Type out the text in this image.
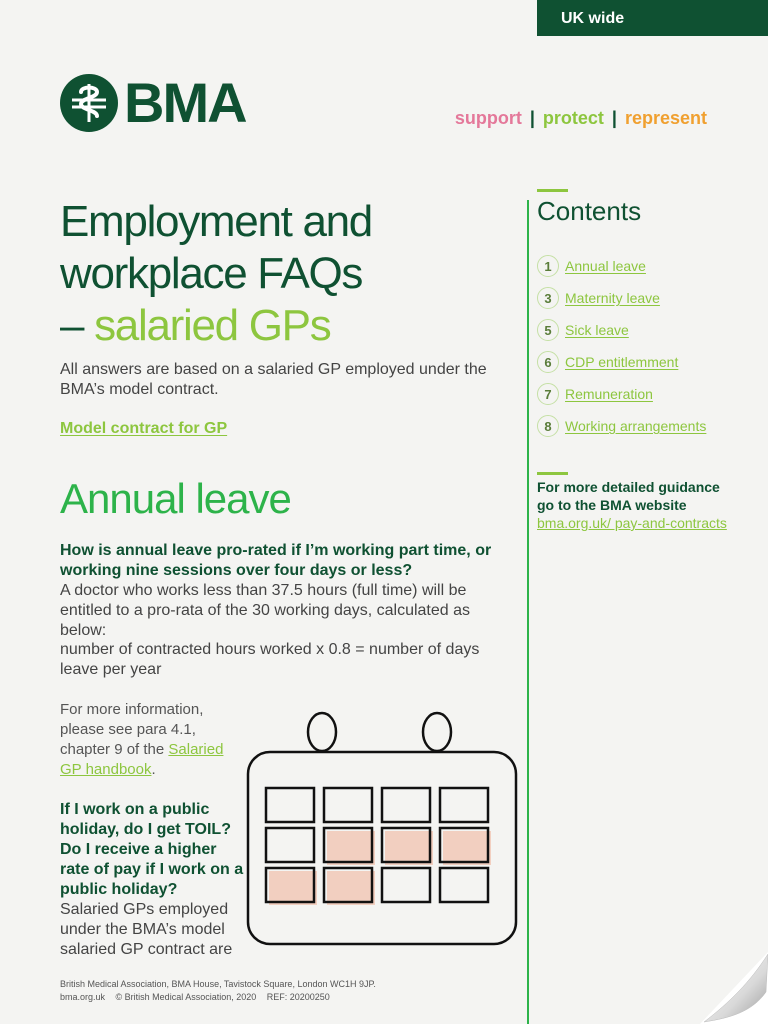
UK wide
BMA	support | protect | represent
Employment and
workplace FAQs
– salaried GPs
All answers are based on a salaried GP employed under the BMA’s model contract.
Model contract for GP
Annual leave
How is annual leave pro-rated if I’m working part time, or working nine sessions over four days or less?
A doctor who works less than 37.5 hours (full time) will be entitled to a pro-rata of the 30 working days, calculated as below:
number of contracted hours worked x 0.8 = number of days leave per year
For more information, please see para 4.1, chapter 9 of the Salaried GP handbook.
If I work on a public holiday, do I get TOIL? Do I receive a higher rate of pay if I work on a public holiday?
Salaried GPs employed under the BMA’s model salaried GP contract are
Contents
1 Annual leave
3 Maternity leave
5 Sick leave
6 CDP entitlemment
7 Remuneration
8 Working arrangements
For more detailed guidance go to the BMA website bma.org.uk/ pay-and-contracts
British Medical Association, BMA House, Tavistock Square, London WC1H 9JP.
bma.org.uk © British Medical Association, 2020 REF: 20200250
